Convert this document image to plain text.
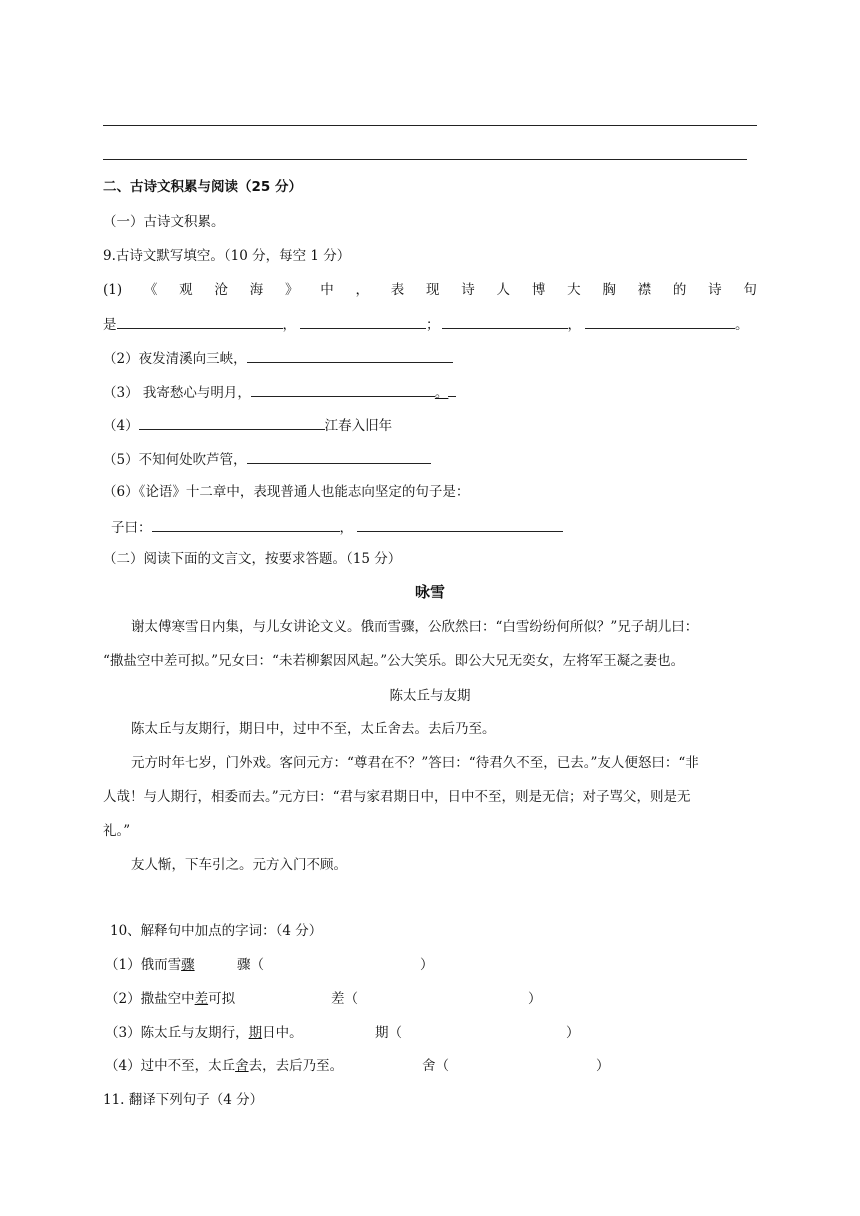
二、古诗文积累与阅读（25 分）
（一）古诗文积累。
9.古诗文默写填空。（10 分，每空 1 分）
(1) 《 观 沧 海 》 中 ， 表 现 诗 人 博 大 胸 襟 的 诗 句
是	，	；	，	。
（2）夜发清溪向三峡，
（3） 我寄愁心与明月，	。
（4）	江春入旧年
（5）不知何处吹芦管，
（6）《论语》十二章中，表现普通人也能志向坚定的句子是：
子曰：	，
（二）阅读下面的文言文，按要求答题。（15 分）
咏雪
谢太傅寒雪日内集，与儿女讲论文义。俄而雪骤，公欣然曰：“白雪纷纷何所似？”兄子胡儿曰：
“撒盐空中差可拟。”兄女曰：“未若柳絮因风起。”公大笑乐。即公大兄无奕女，左将军王凝之妻也。
陈太丘与友期
陈太丘与友期行，期日中，过中不至，太丘舍去。去后乃至。
元方时年七岁，门外戏。客问元方：“尊君在不？”答曰：“待君久不至，已去。”友人便怒曰：“非
人哉！与人期行，相委而去。”元方曰：“君与家君期日中，日中不至，则是无信；对子骂父，则是无
礼。”
友人惭，下车引之。元方入门不顾。
10、解释句中加点的字词：（4 分）
（1）俄而雪骤	骤（	）
（2）撒盐空中差可拟	差（	）
（3）陈太丘与友期行，期日中。	期（	）
（4）过中不至，太丘舍去，去后乃至。	舍（	）
11. 翻译下列句子（4 分）
